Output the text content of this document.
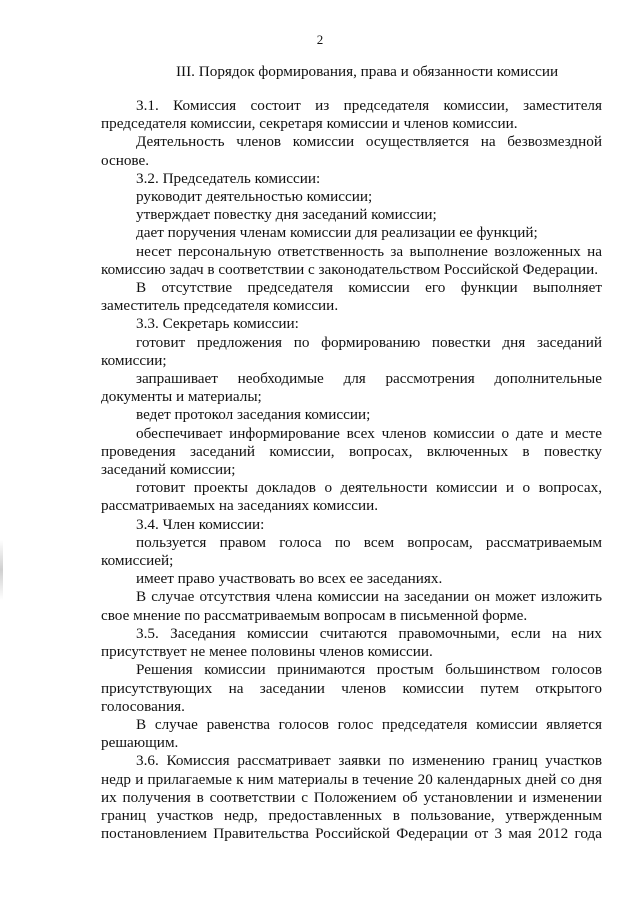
2
III. Порядок формирования, права и обязанности комиссии

3.1. Комиссия состоит из председателя комиссии, заместителя председателя комиссии, секретаря комиссии и членов комиссии.

Деятельность членов комиссии осуществляется на безвозмездной основе.

3.2. Председатель комиссии:

руководит деятельностью комиссии;

утверждает повестку дня заседаний комиссии;

дает поручения членам комиссии для реализации ее функций;

несет персональную ответственность за выполнение возложенных на комиссию задач в соответствии с законодательством Российской Федерации.

В отсутствие председателя комиссии его функции выполняет заместитель председателя комиссии.

3.3. Секретарь комиссии:

готовит предложения по формированию повестки дня заседаний комиссии;

запрашивает необходимые для рассмотрения дополнительные документы и материалы;

ведет протокол заседания комиссии;

обеспечивает информирование всех членов комиссии о дате и месте проведения заседаний комиссии, вопросах, включенных в повестку заседаний комиссии;

готовит проекты докладов о деятельности комиссии и о вопросах, рассматриваемых на заседаниях комиссии.

3.4. Член комиссии:

пользуется правом голоса по всем вопросам, рассматриваемым комиссией;

имеет право участвовать во всех ее заседаниях.

В случае отсутствия члена комиссии на заседании он может изложить свое мнение по рассматриваемым вопросам в письменной форме.

3.5. Заседания комиссии считаются правомочными, если на них присутствует не менее половины членов комиссии.

Решения комиссии принимаются простым большинством голосов присутствующих на заседании членов комиссии путем открытого голосования.

В случае равенства голосов голос председателя комиссии является решающим.

3.6. Комиссия рассматривает заявки по изменению границ участков недр и прилагаемые к ним материалы в течение 20 календарных дней со дня их получения в соответствии с Положением об установлении и изменении границ участков недр, предоставленных в пользование, утвержденным постановлением Правительства Российской Федерации от 3 мая 2012 года
